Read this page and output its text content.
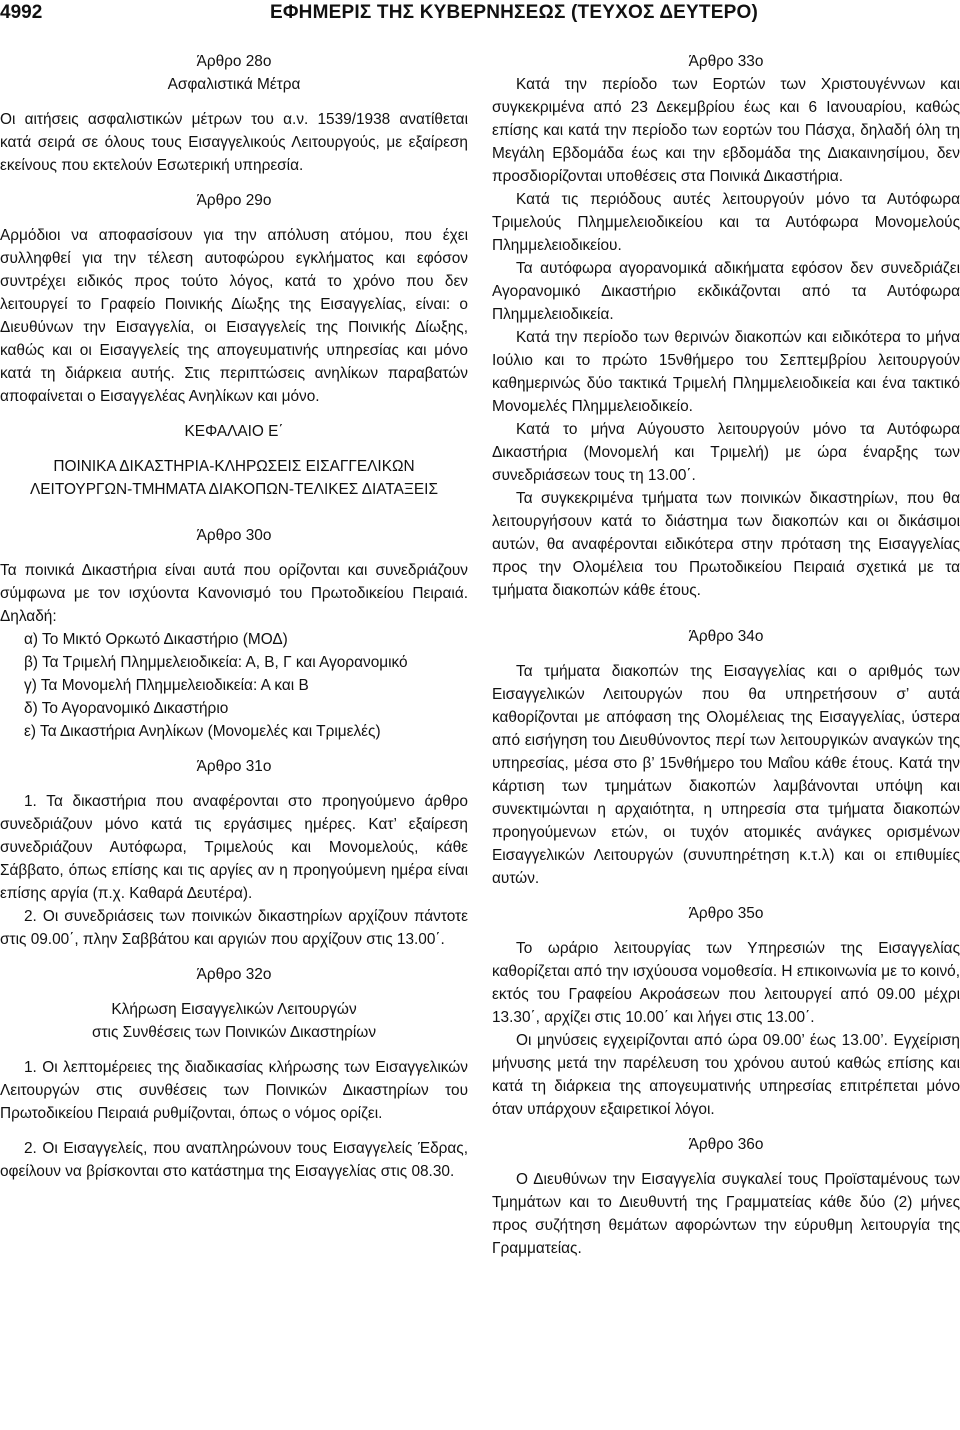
4992	ΕΦΗΜΕΡΙΣ ΤΗΣ ΚΥΒΕΡΝΗΣΕΩΣ (ΤΕΥΧΟΣ ΔΕΥΤΕΡΟ)
Άρθρο 28ο
Ασφαλιστικά Μέτρα
Οι αιτήσεις ασφαλιστικών μέτρων του α.ν. 1539/1938 ανατίθεται κατά σειρά σε όλους τους Εισαγγελικούς Λειτουργούς, με εξαίρεση εκείνους που εκτελούν Εσωτερική υπηρεσία.
Άρθρο 29ο
Αρμόδιοι να αποφασίσουν για την απόλυση ατόμου, που έχει συλληφθεί για την τέλεση αυτοφώρου εγκλήματος και εφόσον συντρέχει ειδικός προς τούτο λόγος, κατά το χρόνο που δεν λειτουργεί το Γραφείο Ποινικής Δίωξης της Εισαγγελίας, είναι: ο Διευθύνων την Εισαγγελία, οι Εισαγγελείς της Ποινικής Δίωξης, καθώς και οι Εισαγγελείς της απογευματινής υπηρεσίας και μόνο κατά τη διάρκεια αυτής. Στις περιπτώσεις ανηλίκων παραβατών αποφαίνεται ο Εισαγγελέας Ανηλίκων και μόνο.
ΚΕΦΑΛΑΙΟ Ε΄
ΠΟΙΝΙΚΑ ΔΙΚΑΣΤΗΡΙΑ-ΚΛΗΡΩΣΕΙΣ ΕΙΣΑΓΓΕΛΙΚΩΝ
ΛΕΙΤΟΥΡΓΩΝ-ΤΜΗΜΑΤΑ ΔΙΑΚΟΠΩΝ-ΤΕΛΙΚΕΣ ΔΙΑΤΑΞΕΙΣ
Άρθρο 30ο
Τα ποινικά Δικαστήρια είναι αυτά που ορίζονται και συνεδριάζουν σύμφωνα με τον ισχύοντα Κανονισμό του Πρωτοδικείου Πειραιά. Δηλαδή:
α) Το Μικτό Ορκωτό Δικαστήριο (ΜΟΔ)
β) Τα Τριμελή Πλημμελειοδικεία: Α, Β, Γ και Αγορανομικό
γ) Τα Μονομελή Πλημμελειοδικεία: Α και Β
δ) Το Αγορανομικό Δικαστήριο
ε) Τα Δικαστήρια Ανηλίκων (Μονομελές και Τριμελές)
Άρθρο 31ο
1. Τα δικαστήρια που αναφέρονται στο προηγούμενο άρθρο συνεδριάζουν μόνο κατά τις εργάσιμες ημέρες. Κατ’ εξαίρεση συνεδριάζουν Αυτόφωρα, Τριμελούς και Μονομελούς, κάθε Σάββατο, όπως επίσης και τις αργίες αν η προηγούμενη ημέρα είναι επίσης αργία (π.χ. Καθαρά Δευτέρα).
2. Οι συνεδριάσεις των ποινικών δικαστηρίων αρχίζουν πάντοτε στις 09.00΄, πλην Σαββάτου και αργιών που αρχίζουν στις 13.00΄.
Άρθρο 32ο
Κλήρωση Εισαγγελικών Λειτουργών
στις Συνθέσεις των Ποινικών Δικαστηρίων
1. Οι λεπτομέρειες της διαδικασίας κλήρωσης των Εισαγγελικών Λειτουργών στις συνθέσεις των Ποινικών Δικαστηρίων του Πρωτοδικείου Πειραιά ρυθμίζονται, όπως ο νόμος ορίζει.
2. Οι Εισαγγελείς, που αναπληρώνουν τους Εισαγγελείς Έδρας, οφείλουν να βρίσκονται στο κατάστημα της Εισαγγελίας στις 08.30.
Άρθρο 33ο
Κατά την περίοδο των Εορτών των Χριστουγέννων και συγκεκριμένα από 23 Δεκεμβρίου έως και 6 Ιανουαρίου, καθώς επίσης και κατά την περίοδο των εορτών του Πάσχα, δηλαδή όλη τη Μεγάλη Εβδομάδα έως και την εβδομάδα της Διακαινησίμου, δεν προσδιορίζονται υποθέσεις στα Ποινικά Δικαστήρια.
Κατά τις περιόδους αυτές λειτουργούν μόνο τα Αυτόφωρα Τριμελούς Πλημμελειοδικείου και τα Αυτόφωρα Μονομελούς Πλημμελειοδικείου.
Τα αυτόφωρα αγορανομικά αδικήματα εφόσον δεν συνεδριάζει Αγορανομικό Δικαστήριο εκδικάζονται από τα Αυτόφωρα Πλημμελειοδικεία.
Κατά την περίοδο των θερινών διακοπών και ειδικότερα το μήνα Ιούλιο και το πρώτο 15νθήμερο του Σεπτεμβρίου λειτουργούν καθημερινώς δύο τακτικά Τριμελή Πλημμελειοδικεία και ένα τακτικό Μονομελές Πλημμελειοδικείο.
Κατά το μήνα Αύγουστο λειτουργούν μόνο τα Αυτόφωρα Δικαστήρια (Μονομελή και Τριμελή) με ώρα έναρξης των συνεδριάσεων τους τη 13.00΄.
Τα συγκεκριμένα τμήματα των ποινικών δικαστηρίων, που θα λειτουργήσουν κατά το διάστημα των διακοπών και οι δικάσιμοι αυτών, θα αναφέρονται ειδικότερα στην πρόταση της Εισαγγελίας προς την Ολομέλεια του Πρωτοδικείου Πειραιά σχετικά με τα τμήματα διακοπών κάθε έτους.
Άρθρο 34ο
Τα τμήματα διακοπών της Εισαγγελίας και ο αριθμός των Εισαγγελικών Λειτουργών που θα υπηρετήσουν σ’ αυτά καθορίζονται με απόφαση της Ολομέλειας της Εισαγγελίας, ύστερα από εισήγηση του Διευθύνοντος περί των λειτουργικών αναγκών της υπηρεσίας, μέσα στο β’ 15νθήμερο του Μαΐου κάθε έτους. Κατά την κάρτιση των τμημάτων διακοπών λαμβάνονται υπόψη και συνεκτιμώνται η αρχαιότητα, η υπηρεσία στα τμήματα διακοπών προηγούμενων ετών, οι τυχόν ατομικές ανάγκες ορισμένων Εισαγγελικών Λειτουργών (συνυπηρέτηση κ.τ.λ) και οι επιθυμίες αυτών.
Άρθρο 35ο
Το ωράριο λειτουργίας των Υπηρεσιών της Εισαγγελίας καθορίζεται από την ισχύουσα νομοθεσία. Η επικοινωνία με το κοινό, εκτός του Γραφείου Ακροάσεων που λειτουργεί από 09.00 μέχρι 13.30΄, αρχίζει στις 10.00΄ και λήγει στις 13.00΄.
Οι μηνύσεις εγχειρίζονται από ώρα 09.00’ έως 13.00’. Εγχείριση μήνυσης μετά την παρέλευση του χρόνου αυτού καθώς επίσης και κατά τη διάρκεια της απογευματινής υπηρεσίας επιτρέπεται μόνο όταν υπάρχουν εξαιρετικοί λόγοι.
Άρθρο 36ο
Ο Διευθύνων την Εισαγγελία συγκαλεί τους Προϊσταμένους των Τμημάτων και το Διευθυντή της Γραμματείας κάθε δύο (2) μήνες προς συζήτηση θεμάτων αφορώντων την εύρυθμη λειτουργία της Γραμματείας.
